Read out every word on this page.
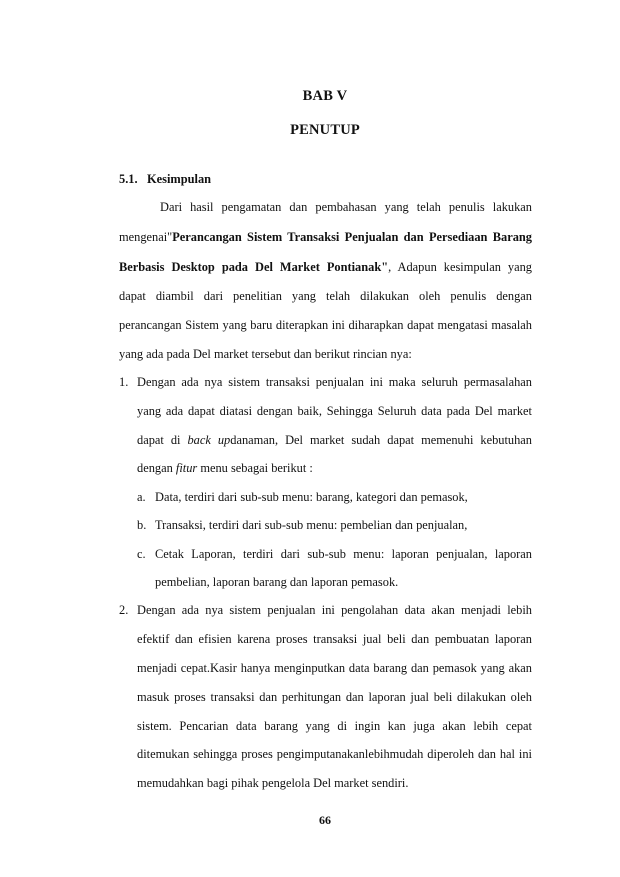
BAB V
PENUTUP
5.1. Kesimpulan
Dari hasil pengamatan dan pembahasan yang telah penulis lakukan
mengenai"Perancangan Sistem Transaksi Penjualan dan Persediaan Barang
Berbasis Desktop pada Del Market Pontianak", Adapun kesimpulan yang
dapat diambil dari penelitian yang telah dilakukan oleh penulis dengan
perancangan Sistem yang baru diterapkan ini diharapkan dapat mengatasi masalah
yang ada pada Del market tersebut dan berikut rincian nya:
1. Dengan ada nya sistem transaksi penjualan ini maka seluruh permasalahan
yang ada dapat diatasi dengan baik, Sehingga Seluruh data pada Del market
dapat di back updanaman, Del market sudah dapat memenuhi kebutuhan
dengan fitur menu sebagai berikut :
a. Data, terdiri dari sub-sub menu: barang, kategori dan pemasok,
b. Transaksi, terdiri dari sub-sub menu: pembelian dan penjualan,
c. Cetak Laporan, terdiri dari sub-sub menu: laporan penjualan, laporan
pembelian, laporan barang dan laporan pemasok.
2. Dengan ada nya sistem penjualan ini pengolahan data akan menjadi lebih
efektif dan efisien karena proses transaksi jual beli dan pembuatan laporan
menjadi cepat.Kasir hanya menginputkan data barang dan pemasok yang akan
masuk proses transaksi dan perhitungan dan laporan jual beli dilakukan oleh
sistem. Pencarian data barang yang di ingin kan juga akan lebih cepat
ditemukan sehingga proses pengimputanakanlebihmudah diperoleh dan hal ini
memudahkan bagi pihak pengelola Del market sendiri.
66
